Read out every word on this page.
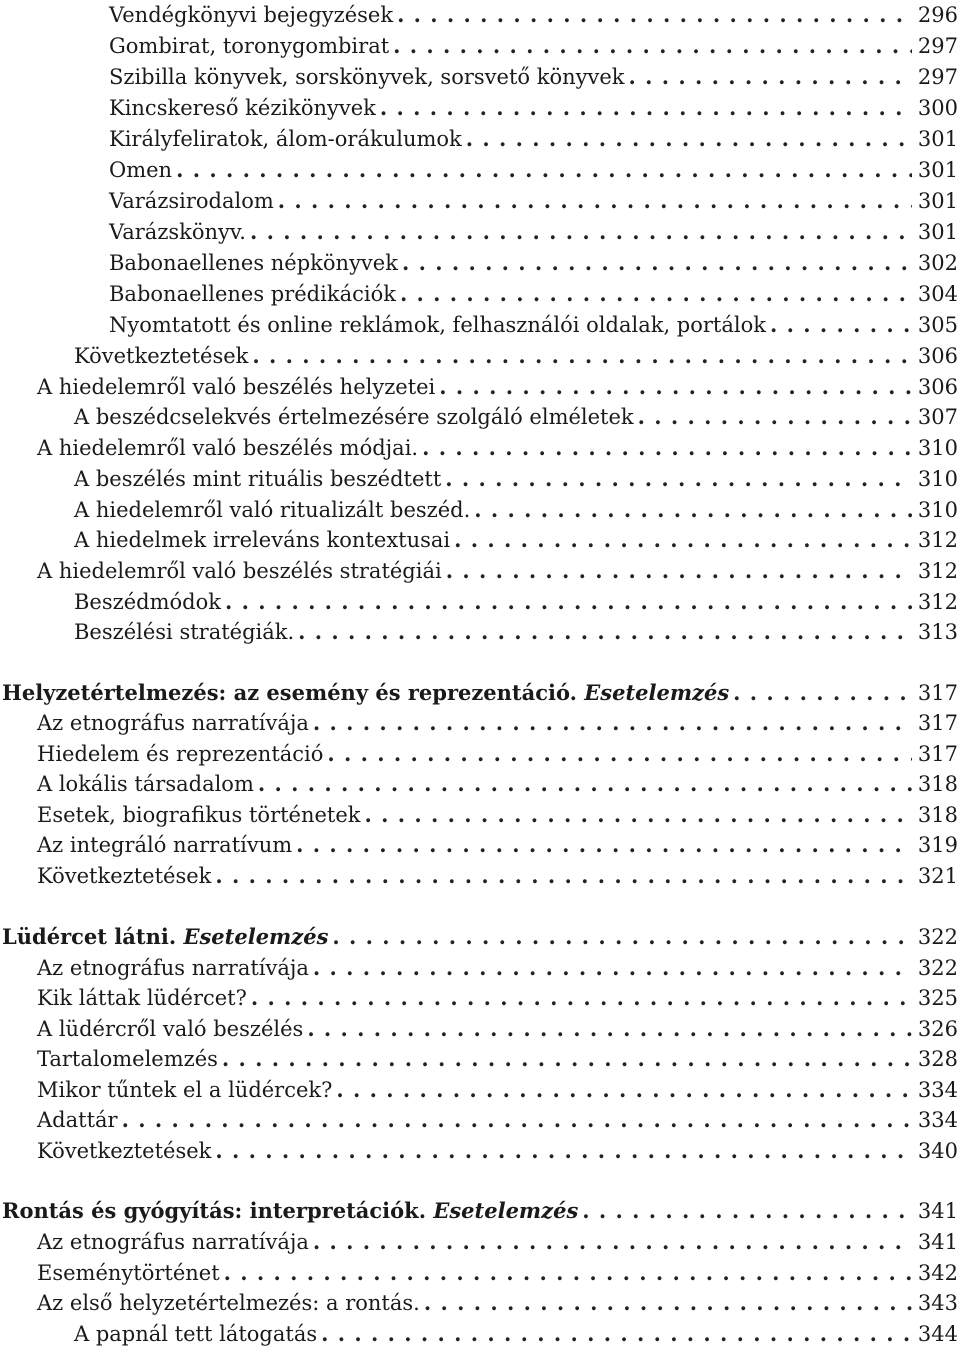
Vendégkönyvi bejegyzések . . .	296
Gombirat, toronygombirat . . .	297
Szibilla könyvek, sorskönyvek, sorsvető könyvek . . .	297
Kincskereső kézikönyvek . . .	300
Királyfeliratok, álom-orákulumok . . .	301
Omen . . .	301
Varázsirodalom . . .	301
Varázskönyv. . . .	301
Babonaellenes népkönyvek . . .	302
Babonaellenes prédikációk . . .	304
Nyomtatott és online reklámok, felhasználói oldalak, portálok . . .	305
Következtetések . . .	306
A hiedelemről való beszélés helyzetei . . .	306
A beszédcselekvés értelmezésére szolgáló elméletek . . .	307
A hiedelemről való beszélés módjai. . . .	310
A beszélés mint rituális beszédtett . . .	310
A hiedelemről való ritualizált beszéd. . . .	310
A hiedelmek irreleváns kontextusai . . .	312
A hiedelemről való beszélés stratégiái . . .	312
Beszédmódok . . .	312
Beszélési stratégiák. . . .	313
Helyzetértelmezés: az esemény és reprezentáció. Esetelemzés . . .	317
Az etnográfus narratívája . . .	317
Hiedelem és reprezentáció . . .	317
A lokális társadalom . . .	318
Esetek, biografikus történetek . . .	318
Az integráló narratívum . . .	319
Következtetések . . .	321
Lüdércet látni. Esetelemzés . . .	322
Az etnográfus narratívája . . .	322
Kik láttak lüdércet? . . .	325
A lüdércről való beszélés . . .	326
Tartalomelemzés . . .	328
Mikor tűntek el a lüdércek? . . .	334
Adattár . . .	334
Következtetések . . .	340
Rontás és gyógyítás: interpretációk. Esetelemzés . . .	341
Az etnográfus narratívája . . .	341
Eseménytörténet . . .	342
Az első helyzetértelmezés: a rontás. . . .	343
A papnál tett látogatás . . .	344
